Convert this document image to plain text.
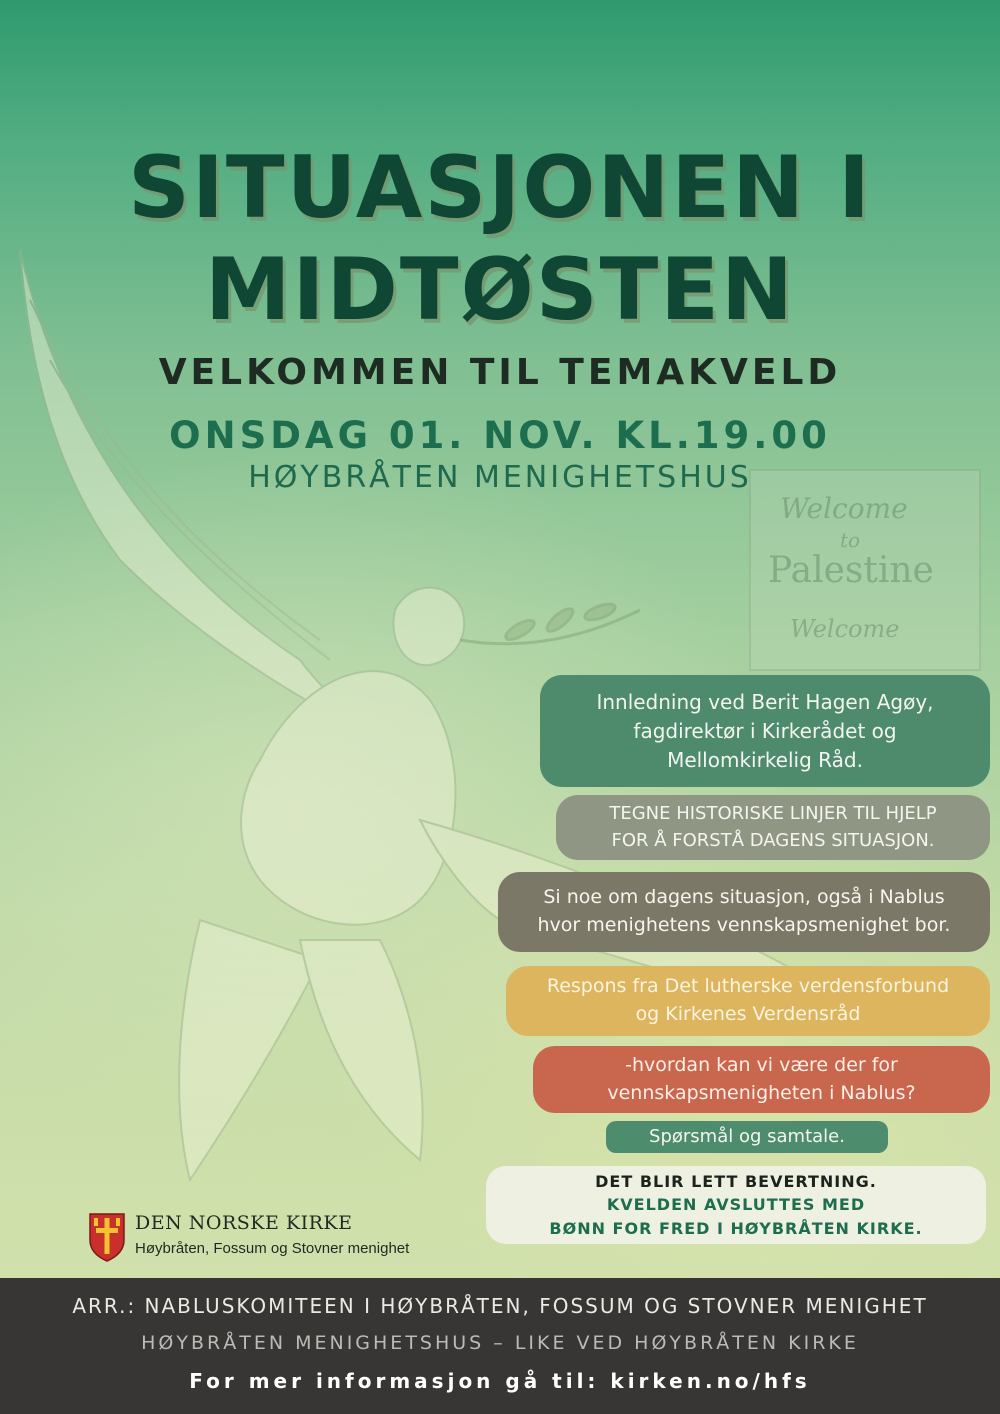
Welcome
to
Palestine
Welcome
SITUASJONEN I
MIDTØSTEN
VELKOMMEN TIL TEMAKVELD
ONSDAG 01. NOV. KL.19.00
HØYBRÅTEN MENIGHETSHUS
Innledning ved Berit Hagen Agøy,
fagdirektør i Kirkerådet og
Mellomkirkelig Råd.
TEGNE HISTORISKE LINJER TIL HJELP
FOR Å FORSTÅ DAGENS SITUASJON.
Si noe om dagens situasjon, også i Nablus
hvor menighetens vennskapsmenighet bor.
Respons fra Det lutherske verdensforbund
og Kirkenes Verdensråd
-hvordan kan vi være der for
vennskapsmenigheten i Nablus?
Spørsmål og samtale.
DET BLIR LETT BEVERTNING.
KVELDEN AVSLUTTES MED
BØNN FOR FRED I HØYBRÅTEN KIRKE.
DEN NORSKE KIRKE
Høybråten, Fossum og Stovner menighet
ARR.: NABLUSKOMITEEN I HØYBRÅTEN, FOSSUM OG STOVNER MENIGHET
HØYBRÅTEN MENIGHETSHUS – LIKE VED HØYBRÅTEN KIRKE
For mer informasjon gå til: kirken.no/hfs
